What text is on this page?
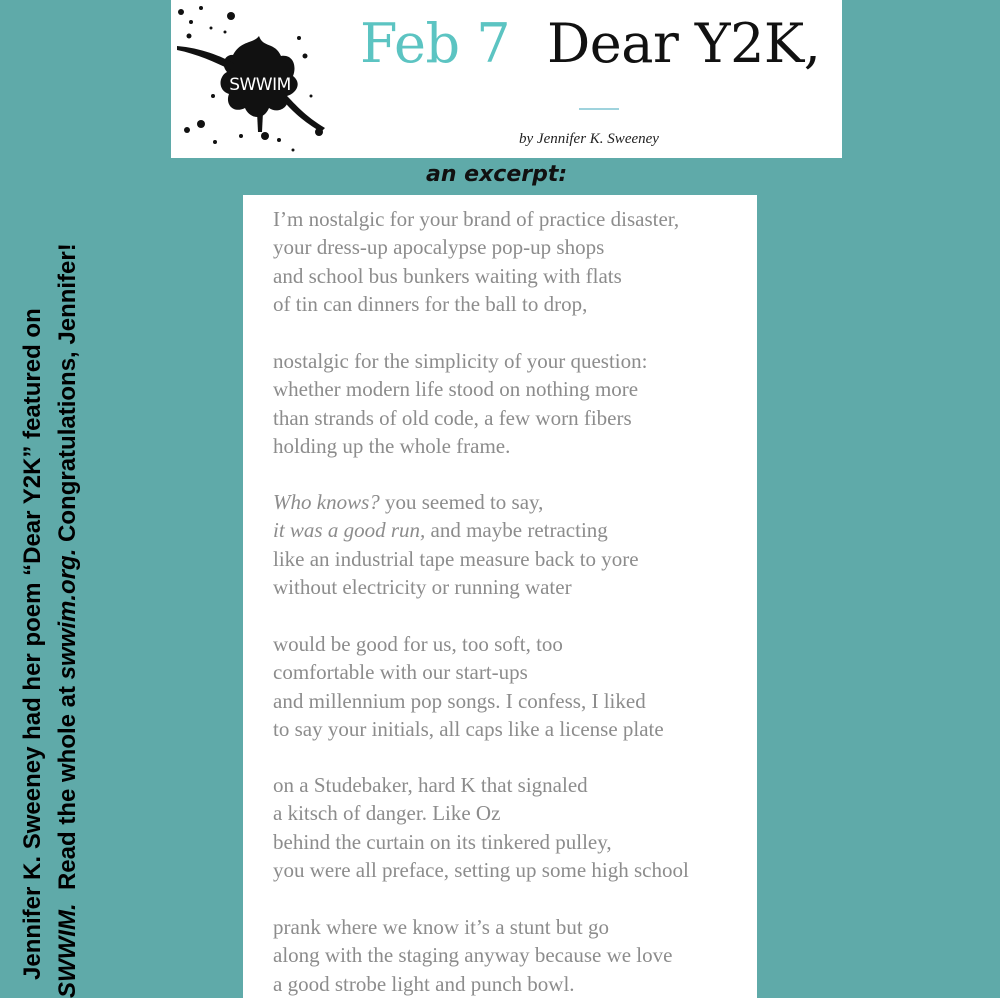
SWWIM
Feb 7 Dear Y2K,
by Jennifer K. Sweeney
an excerpt:
I’m nostalgic for your brand of practice disaster,
your dress-up apocalypse pop-up shops
and school bus bunkers waiting with flats
of tin can dinners for the ball to drop,
nostalgic for the simplicity of your question:
whether modern life stood on nothing more
than strands of old code, a few worn fibers
holding up the whole frame.
Who knows? you seemed to say,
it was a good run, and maybe retracting
like an industrial tape measure back to yore
without electricity or running water
would be good for us, too soft, too
comfortable with our start-ups
and millennium pop songs. I confess, I liked
to say your initials, all caps like a license plate
on a Studebaker, hard K that signaled
a kitsch of danger. Like Oz
behind the curtain on its tinkered pulley,
you were all preface, setting up some high school
prank where we know it’s a stunt but go
along with the staging anyway because we love
a good strobe light and punch bowl.
Jennifer K. Sweeney had her poem “Dear Y2K” featured on SWWIM.  Read the whole at swwim.org. Congratulations, Jennifer!
